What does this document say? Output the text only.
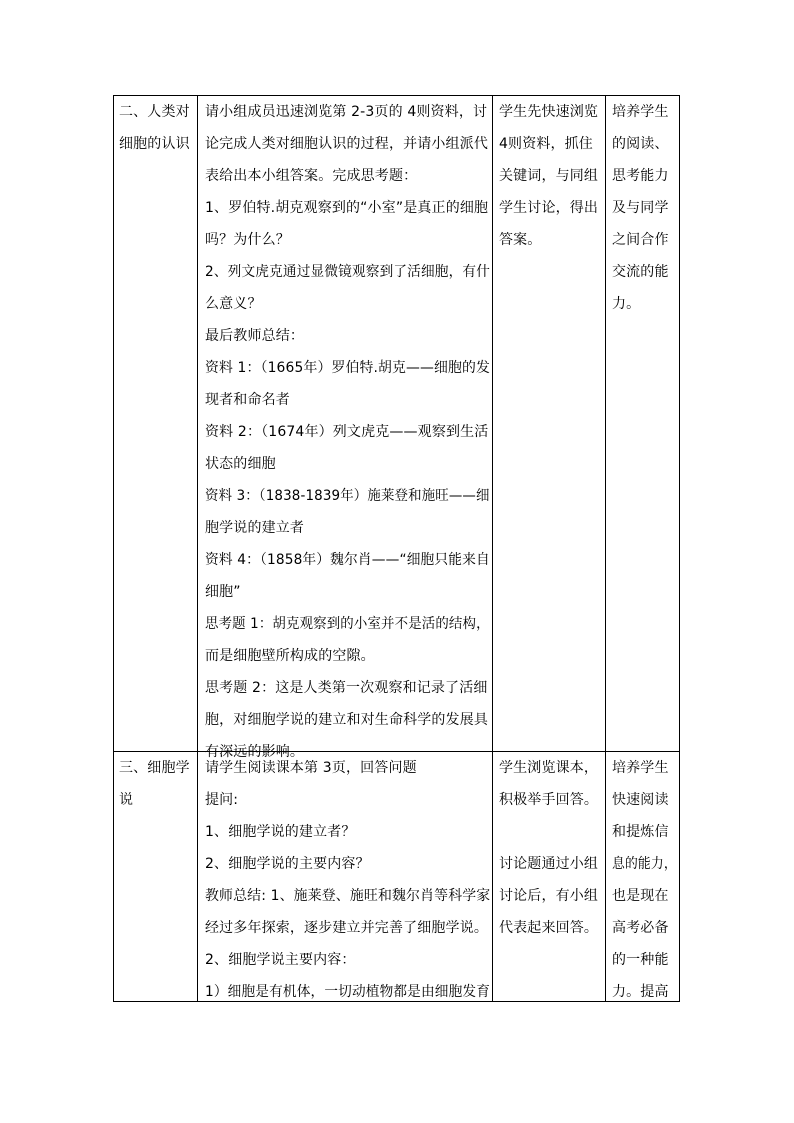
二、人类对
细胞的认识
请小组成员迅速浏览第 2-3页的 4则资料，讨
论完成人类对细胞认识的过程，并请小组派代
表给出本小组答案。完成思考题：
1、罗伯特.胡克观察到的“小室”是真正的细胞
吗？为什么？
2、列文虎克通过显微镜观察到了活细胞，有什
么意义？
最后教师总结：
资料 1：（1665年）罗伯特.胡克——细胞的发
现者和命名者
资料 2：（1674年）列文虎克——观察到生活
状态的细胞
资料 3：（1838-1839年）施莱登和施旺——细
胞学说的建立者
资料 4：（1858年）魏尔肖——“细胞只能来自
细胞”
思考题 1：胡克观察到的小室并不是活的结构，
而是细胞壁所构成的空隙。
思考题 2：这是人类第一次观察和记录了活细
胞，对细胞学说的建立和对生命科学的发展具
有深远的影响。
学生先快速浏览
4则资料，抓住
关键词，与同组
学生讨论，得出
答案。
培养学生
的阅读、
思考能力
及与同学
之间合作
交流的能
力。
三、细胞学
说
请学生阅读课本第 3页，回答问题
提问:
1、细胞学说的建立者？
2、细胞学说的主要内容？
教师总结: 1、施莱登、施旺和魏尔肖等科学家
经过多年探索，逐步建立并完善了细胞学说。
2、细胞学说主要内容：
1）细胞是有机体，一切动植物都是由细胞发育
学生浏览课本，
积极举手回答。
讨论题通过小组
讨论后，有小组
代表起来回答。
培养学生
快速阅读
和提炼信
息的能力，
也是现在
高考必备
的一种能
力。提高
